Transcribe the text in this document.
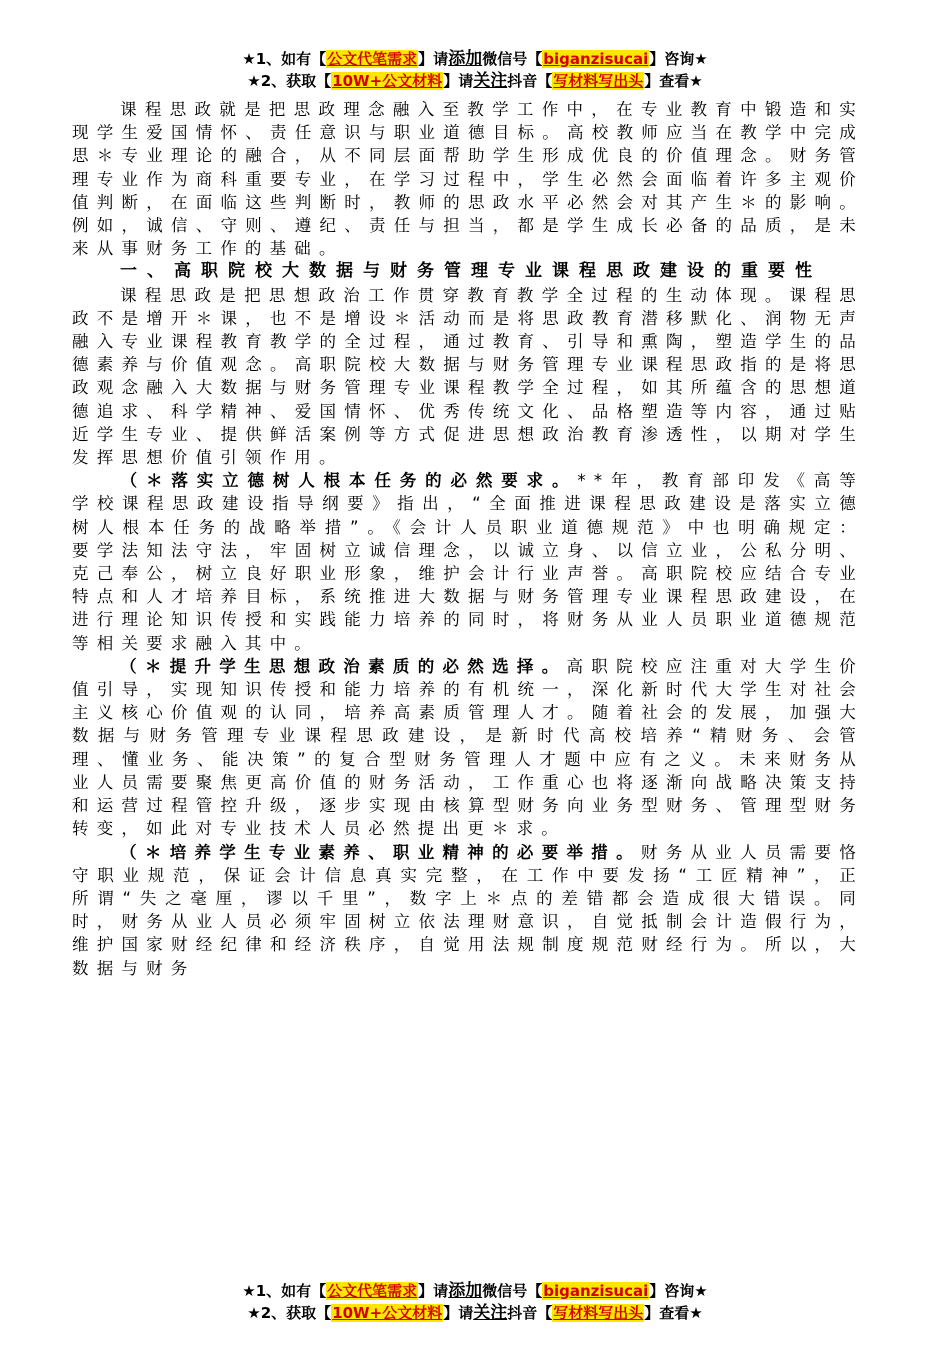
★1、如有【公文代笔需求】请添加微信号【biganzisucai】咨询★
★2、获取【10W+公文材料】请关注抖音【写材料写出头】查看★

课程思政就是把思政理念融入至教学工作中，在专业教育中锻造和实现学生爱国情怀、责任意识与职业道德目标。高校教师应当在教学中完成思＊专业理论的融合，从不同层面帮助学生形成优良的价值理念。财务管理专业作为商科重要专业，在学习过程中，学生必然会面临着许多主观价值判断，在面临这些判断时，教师的思政水平必然会对其产生＊的影响。例如，诚信、守则、遵纪、责任与担当，都是学生成长必备的品质，是未来从事财务工作的基础。

一、高职院校大数据与财务管理专业课程思政建设的重要性

课程思政是把思想政治工作贯穿教育教学全过程的生动体现。课程思政不是增开＊课，也不是增设＊活动而是将思政教育潜移默化、润物无声融入专业课程教育教学的全过程，通过教育、引导和熏陶，塑造学生的品德素养与价值观念。高职院校大数据与财务管理专业课程思政指的是将思政观念融入大数据与财务管理专业课程教学全过程，如其所蕴含的思想道德追求、科学精神、爱国情怀、优秀传统文化、品格塑造等内容，通过贴近学生专业、提供鲜活案例等方式促进思想政治教育渗透性，以期对学生发挥思想价值引领作用。

（＊落实立德树人根本任务的必然要求。**年，教育部印发《高等学校课程思政建设指导纲要》指出，“全面推进课程思政建设是落实立德树人根本任务的战略举措”。《会计人员职业道德规范》中也明确规定：要学法知法守法，牢固树立诚信理念，以诚立身、以信立业，公私分明、克己奉公，树立良好职业形象，维护会计行业声誉。高职院校应结合专业特点和人才培养目标，系统推进大数据与财务管理专业课程思政建设，在进行理论知识传授和实践能力培养的同时，将财务从业人员职业道德规范等相关要求融入其中。

（＊提升学生思想政治素质的必然选择。高职院校应注重对大学生价值引导，实现知识传授和能力培养的有机统一，深化新时代大学生对社会主义核心价值观的认同，培养高素质管理人才。随着社会的发展，加强大数据与财务管理专业课程思政建设，是新时代高校培养“精财务、会管理、懂业务、能决策”的复合型财务管理人才题中应有之义。未来财务从业人员需要聚焦更高价值的财务活动，工作重心也将逐渐向战略决策支持和运营过程管控升级，逐步实现由核算型财务向业务型财务、管理型财务转变，如此对专业技术人员必然提出更＊求。

（＊培养学生专业素养、职业精神的必要举措。财务从业人员需要恪守职业规范，保证会计信息真实完整，在工作中要发扬“工匠精神”，正所谓“失之毫厘，谬以千里”，数字上＊点的差错都会造成很大错误。同时，财务从业人员必须牢固树立依法理财意识，自觉抵制会计造假行为，维护国家财经纪律和经济秩序，自觉用法规制度规范财经行为。所以，大数据与财务

★1、如有【公文代笔需求】请添加微信号【biganzisucai】咨询★
★2、获取【10W+公文材料】请关注抖音【写材料写出头】查看★
